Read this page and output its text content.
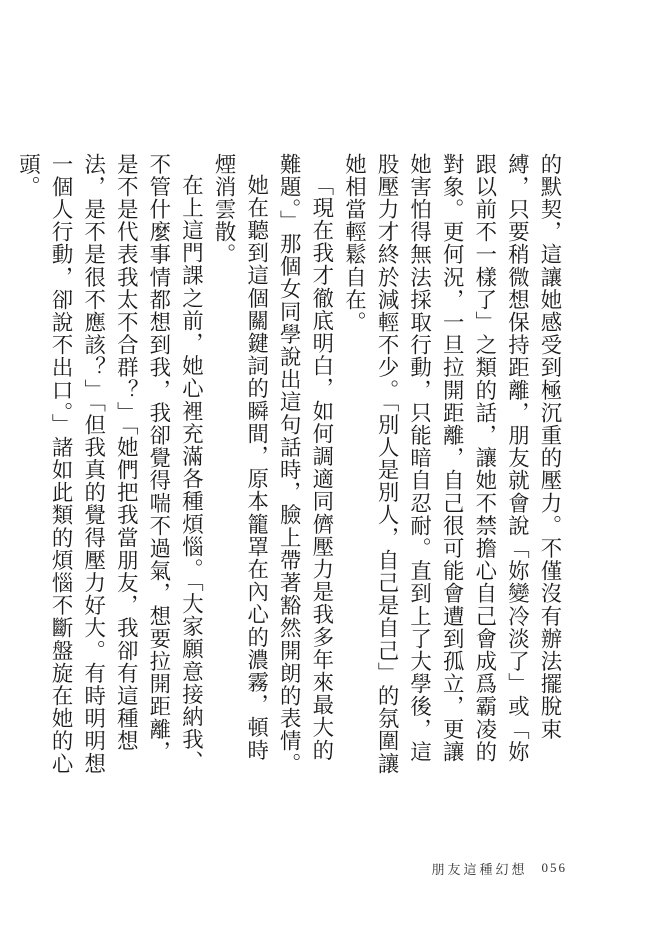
的默契，這讓她感受到極沉重的壓力。不僅沒有辦法擺脫束縛，只要稍微想保持距離，朋友就會說「妳變冷淡了」或「妳跟以前不一樣了」之類的話，讓她不禁擔心自己會成爲霸凌的對象。更何況，一旦拉開距離，自己很可能會遭到孤立，更讓她害怕得無法採取行動，只能暗自忍耐。直到上了大學後，這股壓力才終於減輕不少。「別人是別人，自己是自己」的氛圍讓她相當輕鬆自在。

「現在我才徹底明白，如何調適同儕壓力是我多年來最大的難題。」那個女同學說出這句話時，臉上帶著豁然開朗的表情。

她在聽到這個關鍵詞的瞬間，原本籠罩在內心的濃霧，頓時煙消雲散。

在上這門課之前，她心裡充滿各種煩惱。「大家願意接納我、不管什麼事情都想到我，我卻覺得喘不過氣，想要拉開距離，是不是代表我太不合群？」「她們把我當朋友，我卻有這種想法，是不是很不應該？」「但我真的覺得壓力好大。有時明明想一個人行動，卻說不出口。」諸如此類的煩惱不斷盤旋在她的心頭。

朋友這種幻想 056
